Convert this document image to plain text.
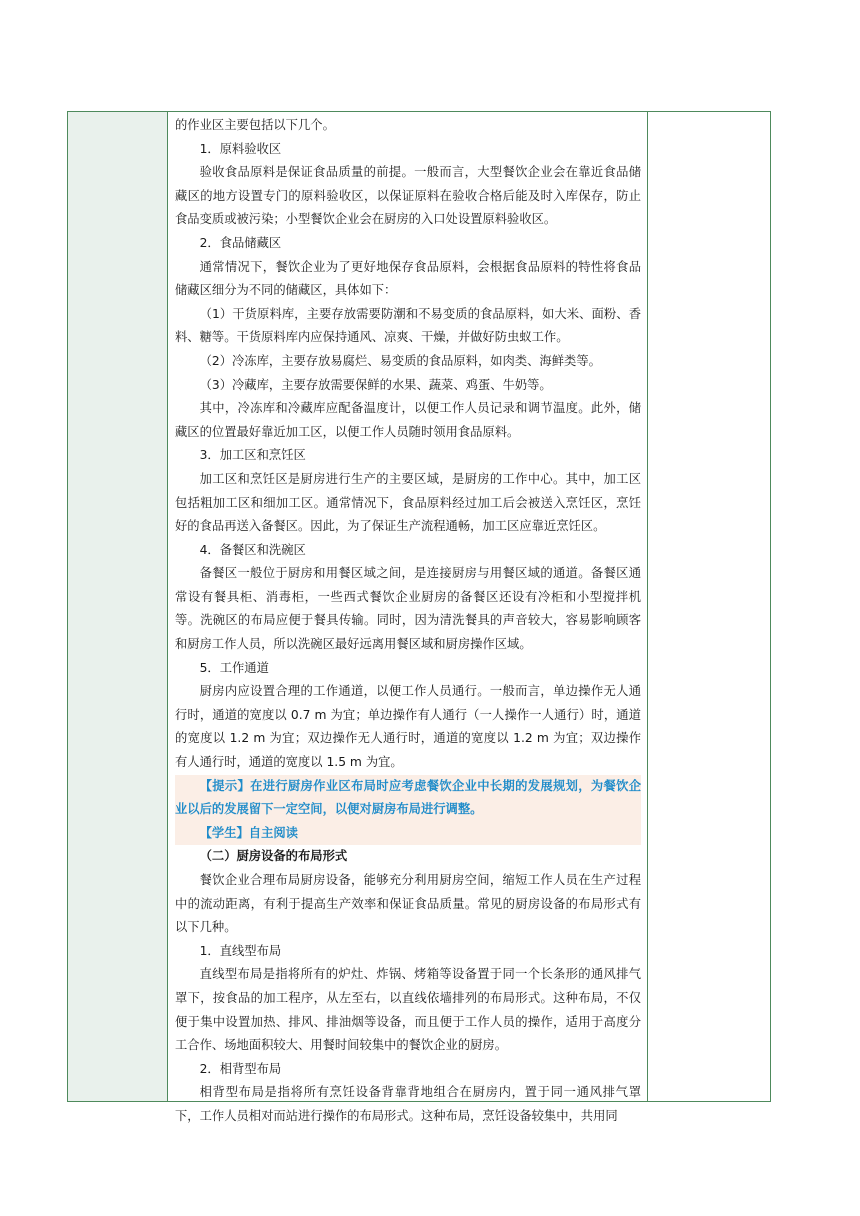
的作业区主要包括以下几个。

1．原料验收区

验收食品原料是保证食品质量的前提。一般而言，大型餐饮企业会在靠近食品储藏区的地方设置专门的原料验收区，以保证原料在验收合格后能及时入库保存，防止食品变质或被污染；小型餐饮企业会在厨房的入口处设置原料验收区。

2．食品储藏区

通常情况下，餐饮企业为了更好地保存食品原料，会根据食品原料的特性将食品储藏区细分为不同的储藏区，具体如下：

（1）干货原料库，主要存放需要防潮和不易变质的食品原料，如大米、面粉、香料、糖等。干货原料库内应保持通风、凉爽、干燥，并做好防虫蚁工作。

（2）冷冻库，主要存放易腐烂、易变质的食品原料，如肉类、海鲜类等。

（3）冷藏库，主要存放需要保鲜的水果、蔬菜、鸡蛋、牛奶等。

其中，冷冻库和冷藏库应配备温度计，以便工作人员记录和调节温度。此外，储藏区的位置最好靠近加工区，以便工作人员随时领用食品原料。

3．加工区和烹饪区

加工区和烹饪区是厨房进行生产的主要区域，是厨房的工作中心。其中，加工区包括粗加工区和细加工区。通常情况下，食品原料经过加工后会被送入烹饪区，烹饪好的食品再送入备餐区。因此，为了保证生产流程通畅，加工区应靠近烹饪区。

4．备餐区和洗碗区

备餐区一般位于厨房和用餐区域之间，是连接厨房与用餐区域的通道。备餐区通常设有餐具柜、消毒柜，一些西式餐饮企业厨房的备餐区还设有冷柜和小型搅拌机等。洗碗区的布局应便于餐具传输。同时，因为清洗餐具的声音较大，容易影响顾客和厨房工作人员，所以洗碗区最好远离用餐区域和厨房操作区域。

5．工作通道

厨房内应设置合理的工作通道，以便工作人员通行。一般而言，单边操作无人通行时，通道的宽度以 0.7 m 为宜；单边操作有人通行（一人操作一人通行）时，通道的宽度以 1.2 m 为宜；双边操作无人通行时，通道的宽度以 1.2 m 为宜；双边操作有人通行时，通道的宽度以 1.5 m 为宜。

【提示】在进行厨房作业区布局时应考虑餐饮企业中长期的发展规划，为餐饮企业以后的发展留下一定空间，以便对厨房布局进行调整。

【学生】自主阅读

（二）厨房设备的布局形式

餐饮企业合理布局厨房设备，能够充分利用厨房空间，缩短工作人员在生产过程中的流动距离，有利于提高生产效率和保证食品质量。常见的厨房设备的布局形式有以下几种。

1．直线型布局

直线型布局是指将所有的炉灶、炸锅、烤箱等设备置于同一个长条形的通风排气罩下，按食品的加工程序，从左至右，以直线依墙排列的布局形式。这种布局，不仅便于集中设置加热、排风、排油烟等设备，而且便于工作人员的操作，适用于高度分工合作、场地面积较大、用餐时间较集中的餐饮企业的厨房。

2．相背型布局

相背型布局是指将所有烹饪设备背靠背地组合在厨房内，置于同一通风排气罩下，工作人员相对而站进行操作的布局形式。这种布局，烹饪设备较集中，共用同
